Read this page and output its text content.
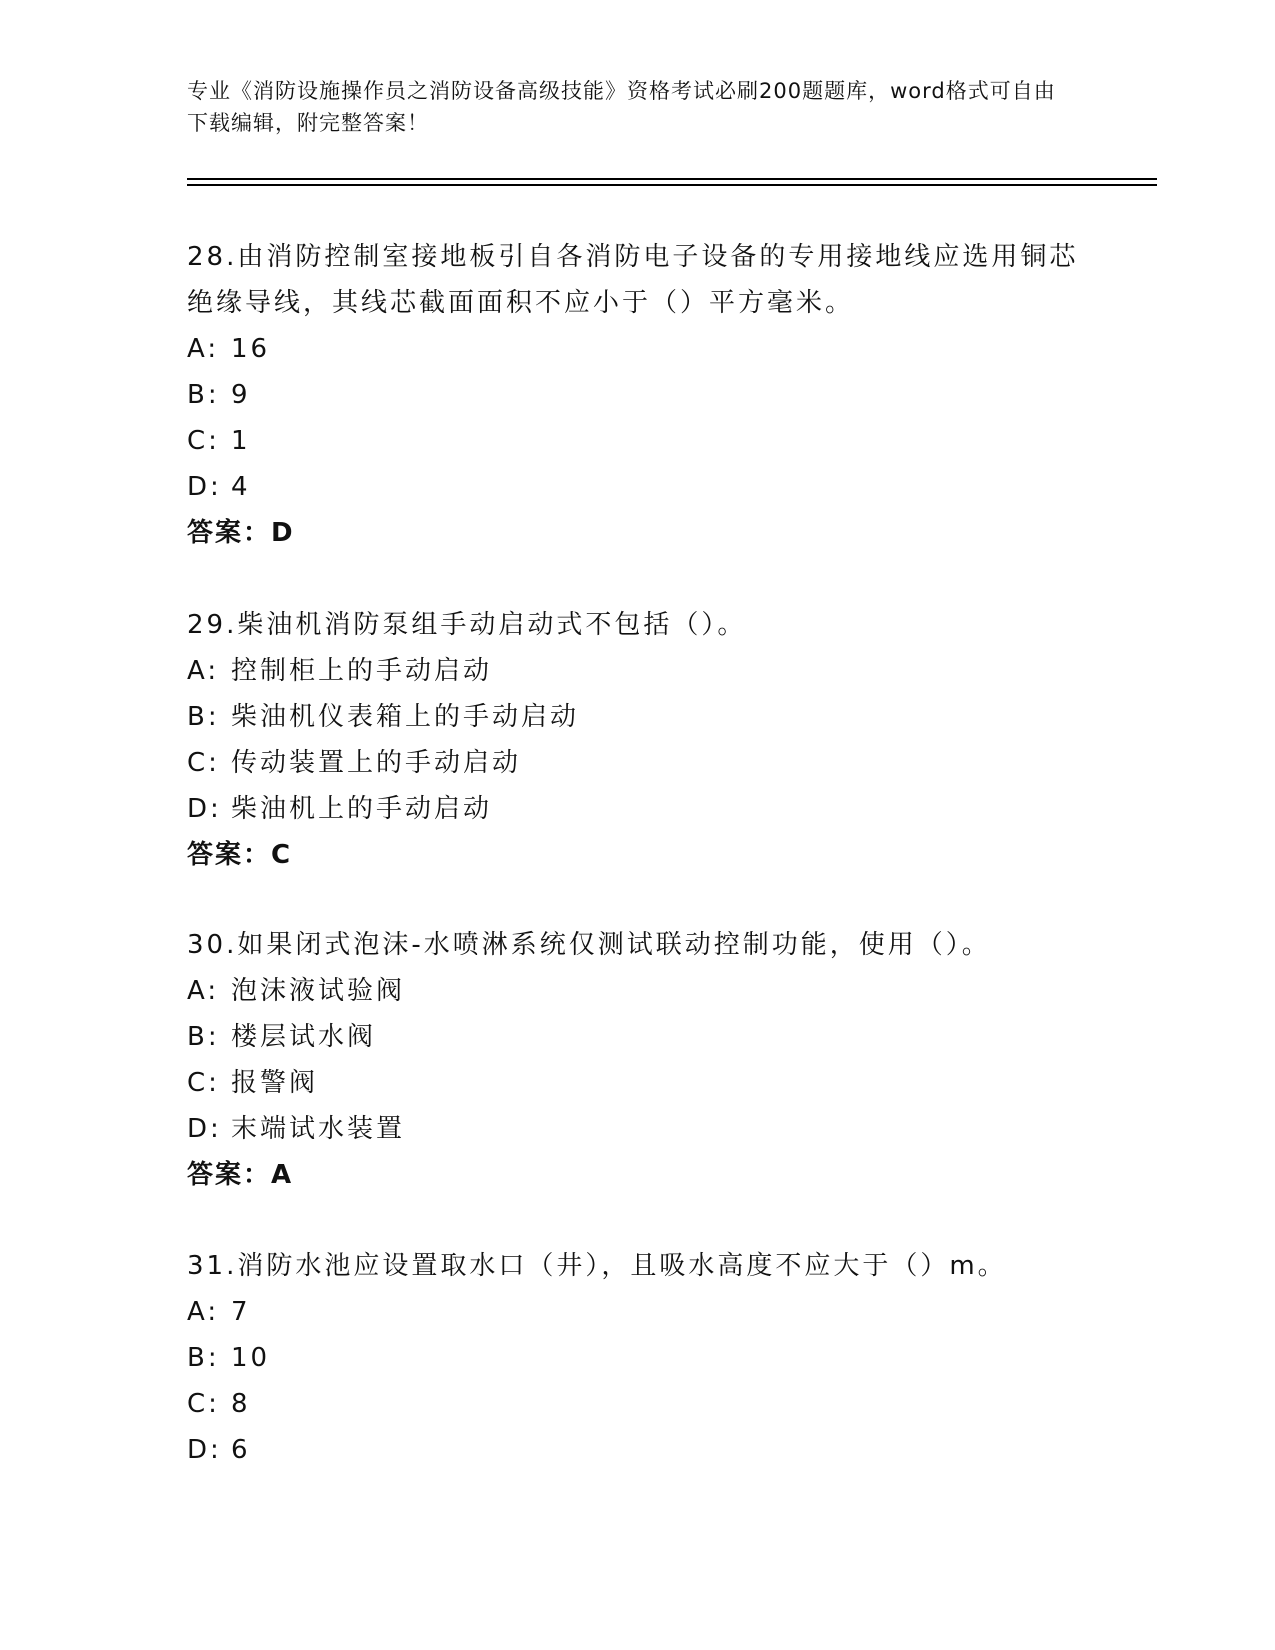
专业《消防设施操作员之消防设备高级技能》资格考试必刷200题题库，word格式可自由下载编辑，附完整答案！

28.由消防控制室接地板引自各消防电子设备的专用接地线应选用铜芯绝缘导线，其线芯截面面积不应小于（）平方毫米。

A: 16

B: 9

C: 1

D: 4

答案：D

29.柴油机消防泵组手动启动式不包括（）。

A: 控制柜上的手动启动

B: 柴油机仪表箱上的手动启动

C: 传动装置上的手动启动

D: 柴油机上的手动启动

答案：C

30.如果闭式泡沫-水喷淋系统仅测试联动控制功能，使用（）。

A: 泡沫液试验阀

B: 楼层试水阀

C: 报警阀

D: 末端试水装置

答案：A

31.消防水池应设置取水口（井），且吸水高度不应大于（）m。

A: 7

B: 10

C: 8

D: 6
